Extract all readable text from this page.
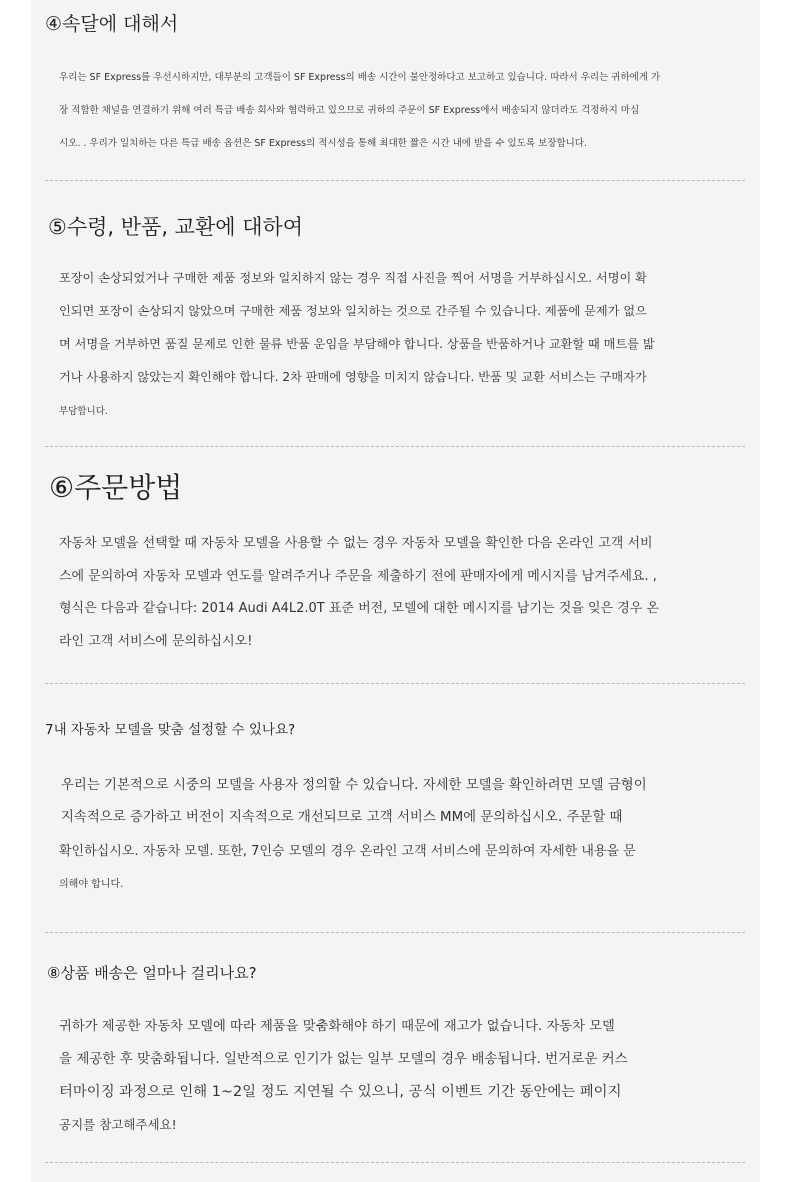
④속달에 대해서

우리는 SF Express를 우선시하지만, 대부분의 고객들이 SF Express의 배송 시간이 불안정하다고 보고하고 있습니다. 따라서 우리는 귀하에게 가

장 적합한 채널을 연결하기 위해 여러 특급 배송 회사와 협력하고 있으므로 귀하의 주문이 SF Express에서 배송되지 않더라도 걱정하지 마십

시오. . 우리가 일치하는 다른 특급 배송 옵션은 SF Express의 적시성을 통해 최대한 짧은 시간 내에 받을 수 있도록 보장합니다.

⑤수령, 반품, 교환에 대하여

포장이 손상되었거나 구매한 제품 정보와 일치하지 않는 경우 직접 사진을 찍어 서명을 거부하십시오. 서명이 확

인되면 포장이 손상되지 않았으며 구매한 제품 정보와 일치하는 것으로 간주될 수 있습니다. 제품에 문제가 없으

며 서명을 거부하면 품질 문제로 인한 물류 반품 운임을 부담해야 합니다. 상품을 반품하거나 교환할 때 매트를 밟

거나 사용하지 않았는지 확인해야 합니다. 2차 판매에 영향을 미치지 않습니다. 반품 및 교환 서비스는 구매자가

부담합니다.

⑥주문방법

자동차 모델을 선택할 때 자동차 모델을 사용할 수 없는 경우 자동차 모델을 확인한 다음 온라인 고객 서비

스에 문의하여 자동차 모델과 연도를 알려주거나 주문을 제출하기 전에 판매자에게 메시지를 남겨주세요. ,

형식은 다음과 같습니다: 2014 Audi A4L2.0T 표준 버전, 모델에 대한 메시지를 남기는 것을 잊은 경우 온

라인 고객 서비스에 문의하십시오!

7내 자동차 모델을 맞춤 설정할 수 있나요?

우리는 기본적으로 시중의 모델을 사용자 정의할 수 있습니다. 자세한 모델을 확인하려면 모델 금형이

지속적으로 증가하고 버전이 지속적으로 개선되므로 고객 서비스 MM에 문의하십시오. 주문할 때

확인하십시오. 자동차 모델. 또한, 7인승 모델의 경우 온라인 고객 서비스에 문의하여 자세한 내용을 문

의해야 합니다.

⑧상품 배송은 얼마나 걸리나요?

귀하가 제공한 자동차 모델에 따라 제품을 맞춤화해야 하기 때문에 재고가 없습니다. 자동차 모델

을 제공한 후 맞춤화됩니다. 일반적으로 인기가 없는 일부 모델의 경우 배송됩니다. 번거로운 커스

터마이징 과정으로 인해 1~2일 정도 지연될 수 있으니, 공식 이벤트 기간 동안에는 페이지

공지를 참고해주세요!
